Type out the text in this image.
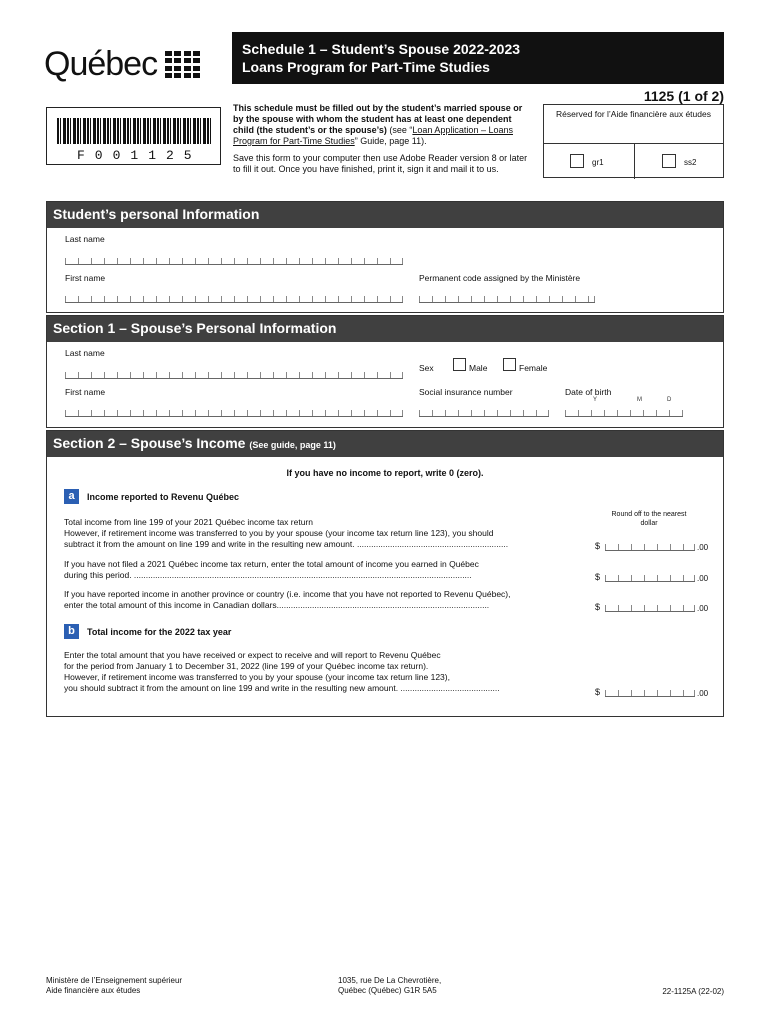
Québec	Schedule 1 – Student’s Spouse 2022-2023
Loans Program for Part-Time Studies
1125 (1 of 2)
F001125

This schedule must be filled out by the student’s married spouse or by the spouse with whom the student has at least one dependent child (the student’s or the spouse’s) (see “Loan Application – Loans Program for Part-Time Studies” Guide, page 11).

Save this form to your computer then use Adobe Reader version 8 or later to fill it out. Once you have finished, print it, sign it and mail it to us.

Réserved for l’Aide financière aux études
gr1	ss2
Student’s personal Information
Last name
First name	Permanent code assigned by the Ministère
Section 1 – Spouse’s Personal Information
Last name
Sex	Male	Female
First name	Social insurance number	Date of birth
Y	M	D
Section 2 – Spouse’s Income (See guide, page 11)
If you have no income to report, write 0 (zero).
a	Income reported to Revenu Québec
Round off to the nearest dollar
Total income from line 199 of your 2021 Québec income tax return
However, if retirement income was transferred to you by your spouse (your income tax return line 123), you should
subtract it from the amount on line 199 and write in the resulting new amount. ................................................................	$	.00
If you have not filed a 2021 Québec income tax return, enter the total amount of income you earned in Québec
during this period. ...............................................................................................................................................	$	.00
If you have reported income in another province or country (i.e. income that you have not reported to Revenu Québec),
enter the total amount of this income in Canadian dollars..........................................................................................	$	.00
b	Total income for the 2022 tax year
Enter the total amount that you have received or expect to receive and will report to Revenu Québec
for the period from January 1 to December 31, 2022 (line 199 of your Québec income tax return).
However, if retirement income was transferred to you by your spouse (your income tax return line 123),
you should subtract it from the amount on line 199 and write in the resulting new amount. ..........................................	$	.00
Ministère de l’Enseignement supérieur
Aide financière aux études
1035, rue De La Chevrotière,
Québec (Québec) G1R 5A5	22-1125A (22-02)
